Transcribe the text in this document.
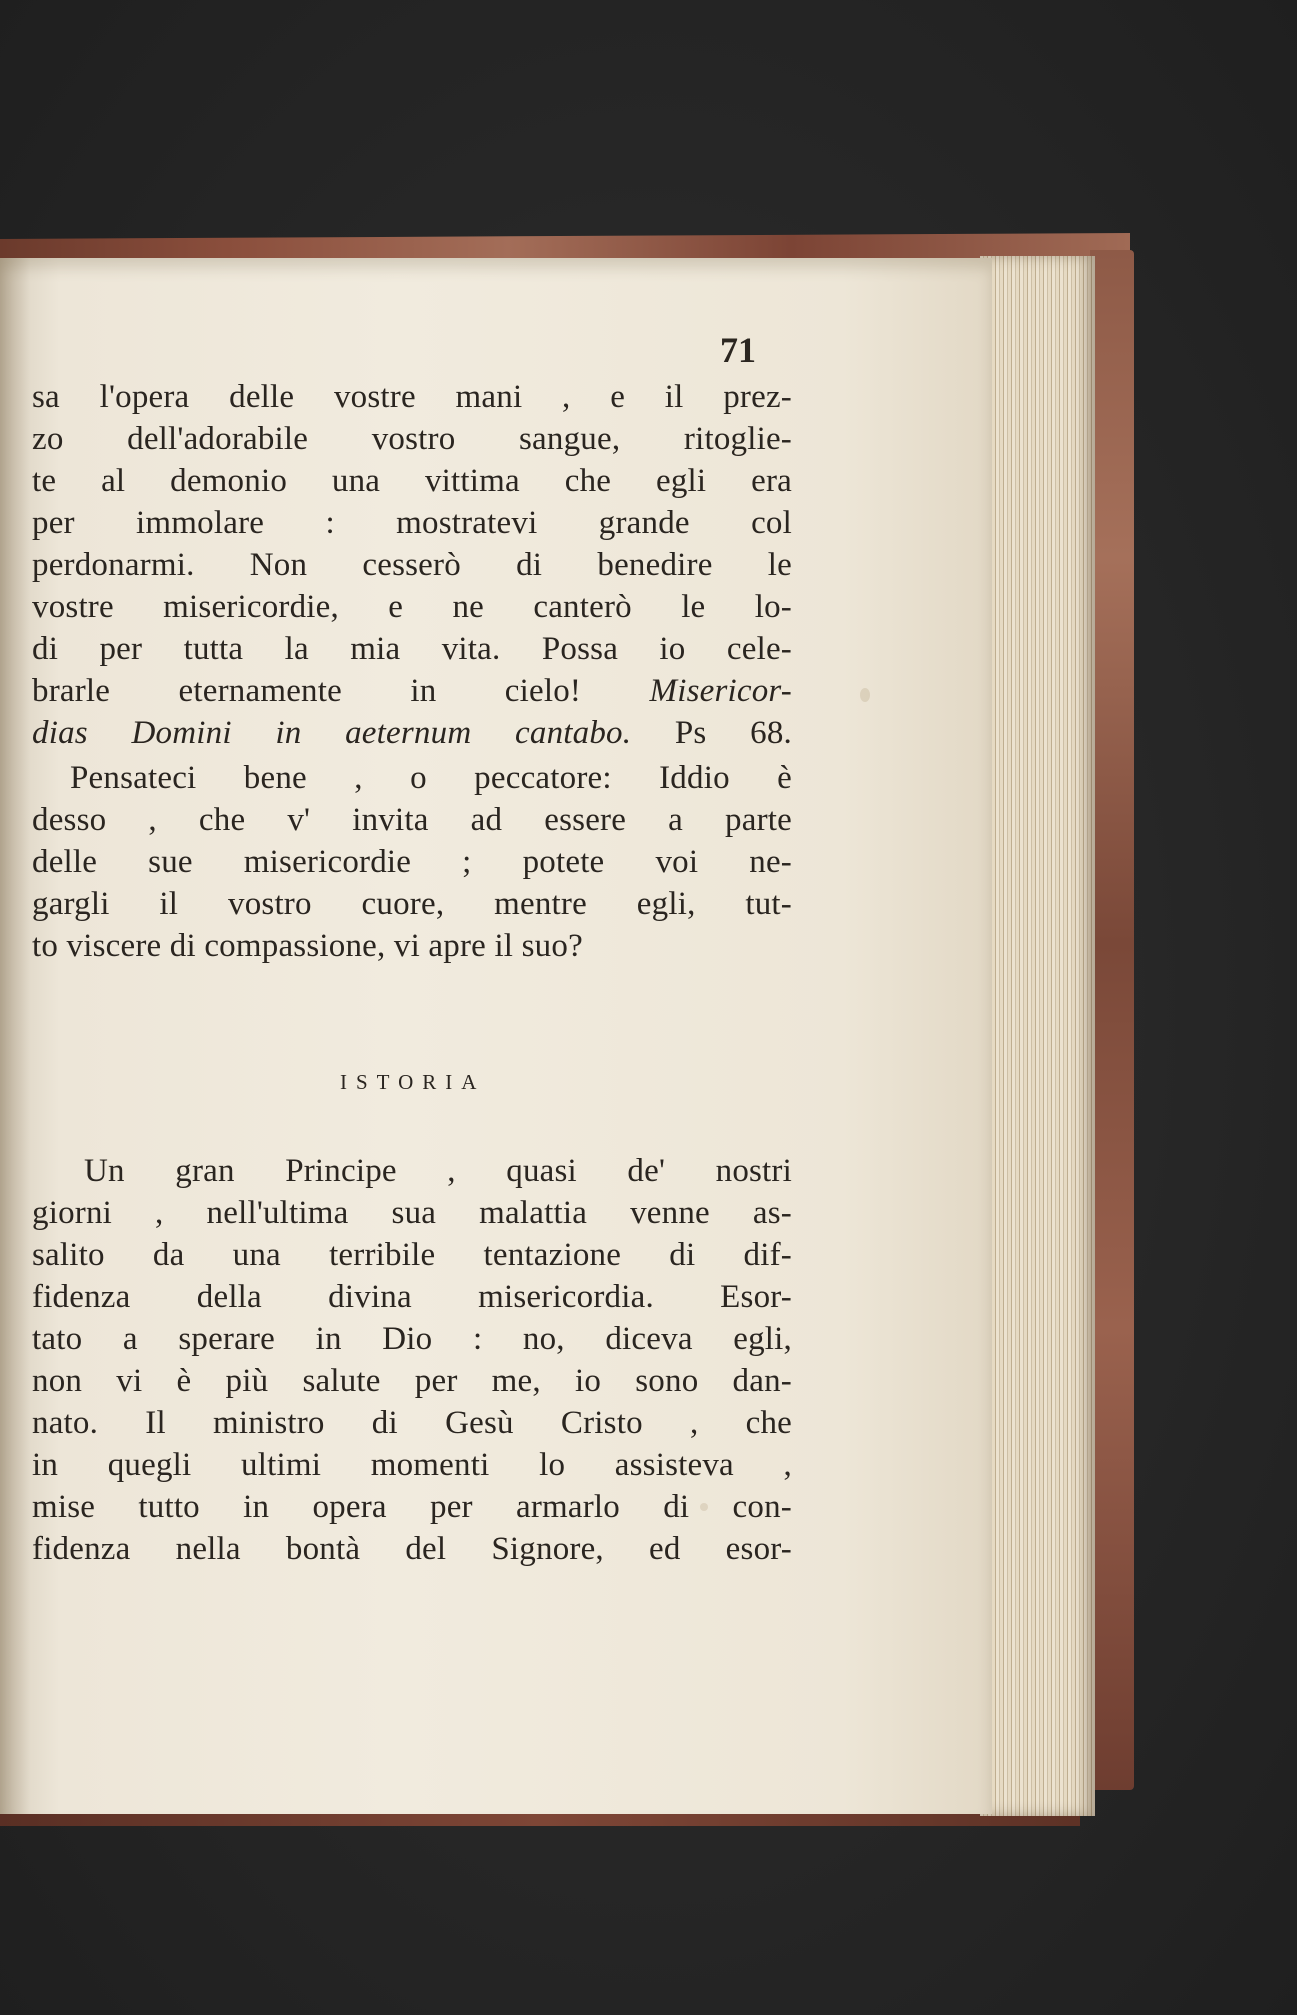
71
sa l'opera delle vostre mani , e il prez-
zo dell'adorabile vostro sangue, ritoglie-
te al demonio una vittima che egli era
per immolare : mostratevi grande col
perdonarmi. Non cesserò di benedire le
vostre misericordie, e ne canterò le lo-
di per tutta la mia vita. Possa io cele-
brarle eternamente in cielo! Misericor-
dias Domini in aeternum cantabo. Ps 68.
Pensateci bene , o peccatore: Iddio è
desso , che v' invita ad essere a parte
delle sue misericordie ; potete voi ne-
gargli il vostro cuore, mentre egli, tut-
to viscere di compassione, vi apre il suo?
ISTORIA
Un gran Principe , quasi de' nostri
giorni , nell'ultima sua malattia venne as-
salito da una terribile tentazione di dif-
fidenza della divina misericordia. Esor-
tato a sperare in Dio : no, diceva egli,
non vi è più salute per me, io sono dan-
nato. Il ministro di Gesù Cristo , che
in quegli ultimi momenti lo assisteva ,
mise tutto in opera per armarlo di con-
fidenza nella bontà del Signore, ed esor-
